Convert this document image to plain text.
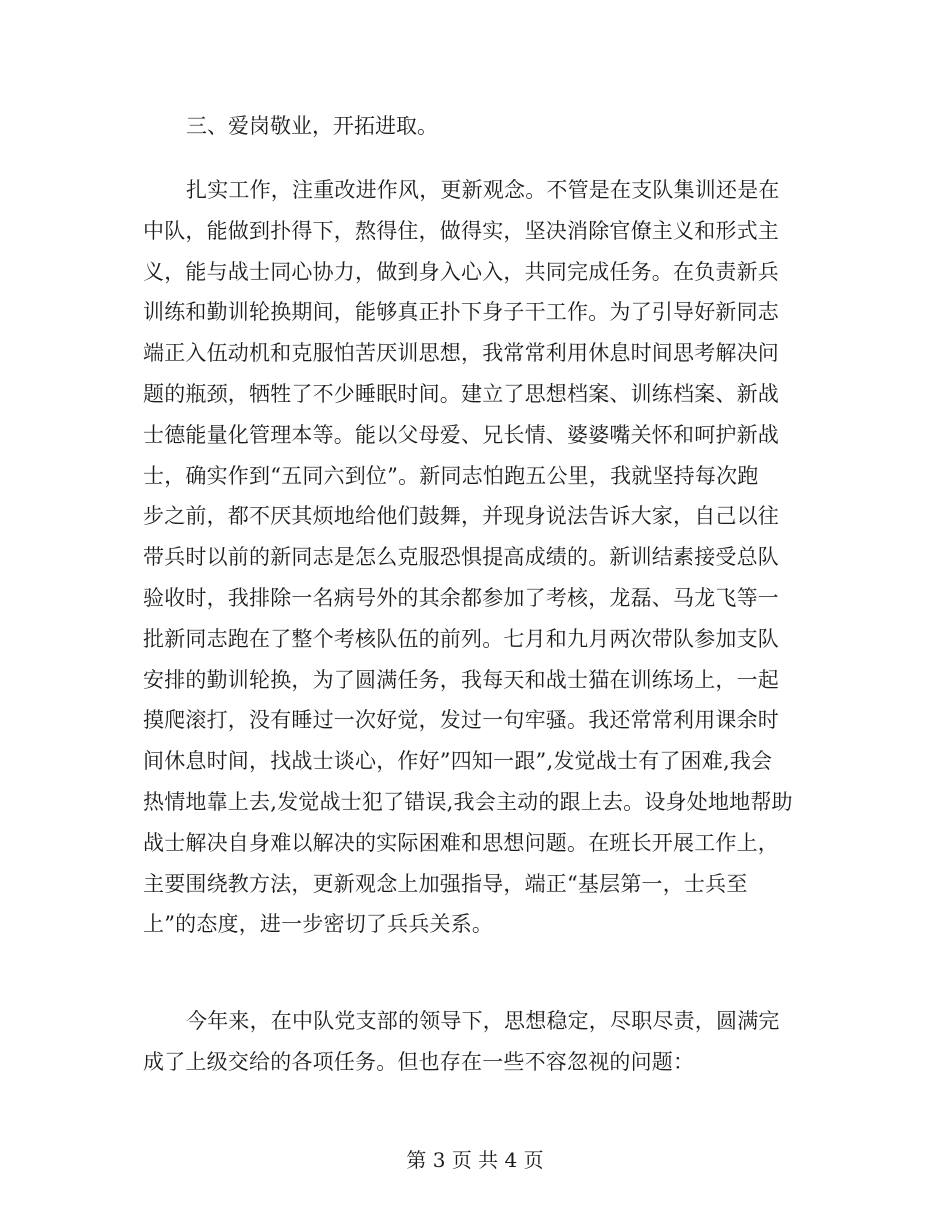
三、爱岗敬业，开拓进取。
扎实工作，注重改进作风，更新观念。不管是在支队集训还是在
中队，能做到扑得下，熬得住，做得实，坚决消除官僚主义和形式主
义，能与战士同心协力，做到身入心入，共同完成任务。在负责新兵
训练和勤训轮换期间，能够真正扑下身子干工作。为了引导好新同志
端正入伍动机和克服怕苦厌训思想，我常常利用休息时间思考解决问
题的瓶颈，牺牲了不少睡眠时间。建立了思想档案、训练档案、新战
士德能量化管理本等。能以父母爱、兄长情、婆婆嘴关怀和呵护新战
士，确实作到“五同六到位”。新同志怕跑五公里，我就坚持每次跑
步之前，都不厌其烦地给他们鼓舞，并现身说法告诉大家，自己以往
带兵时以前的新同志是怎么克服恐惧提高成绩的。新训结素接受总队
验收时，我排除一名病号外的其余都参加了考核，龙磊、马龙飞等一
批新同志跑在了整个考核队伍的前列。七月和九月两次带队参加支队
安排的勤训轮换，为了圆满任务，我每天和战士猫在训练场上，一起
摸爬滚打，没有睡过一次好觉，发过一句牢骚。我还常常利用课余时
间休息时间，找战士谈心，作好”四知一跟”,发觉战士有了困难,我会
热情地靠上去,发觉战士犯了错误,我会主动的跟上去。设身处地地帮助
战士解决自身难以解决的实际困难和思想问题。在班长开展工作上，
主要围绕教方法，更新观念上加强指导，端正“基层第一，士兵至
上”的态度，进一步密切了兵兵关系。
今年来，在中队党支部的领导下，思想稳定，尽职尽责，圆满完
成了上级交给的各项任务。但也存在一些不容忽视的问题：
第 3 页 共 4 页
